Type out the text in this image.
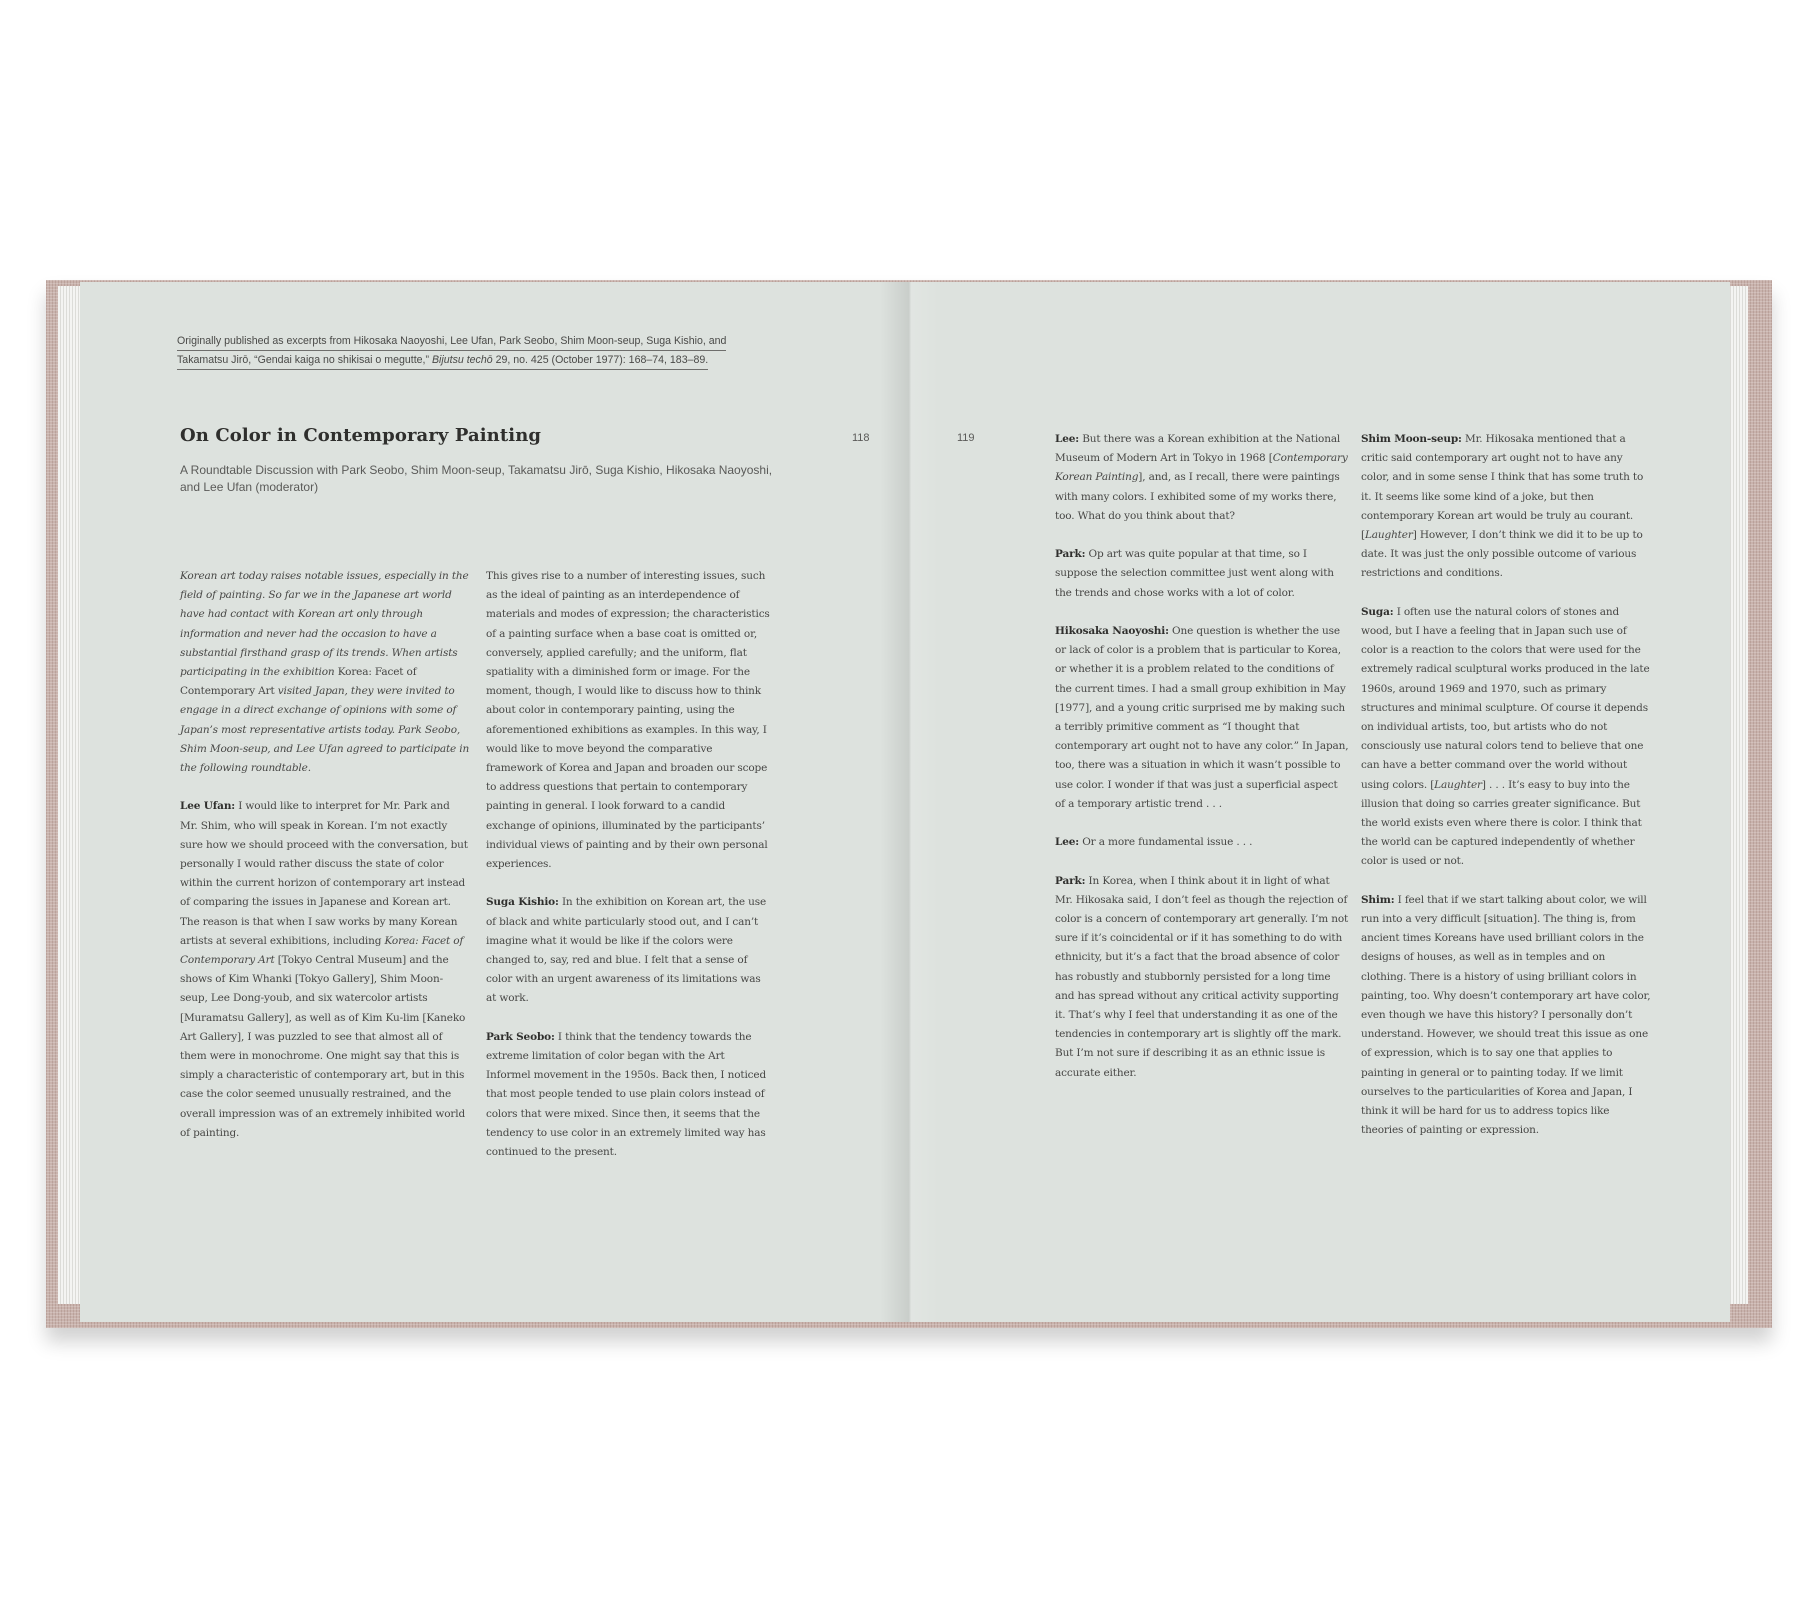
Originally published as excerpts from Hikosaka Naoyoshi, Lee Ufan, Park Seobo, Shim Moon-seup, Suga Kishio, and
Takamatsu Jirō, “Gendai kaiga no shikisai o megutte,” Bijutsu techō 29, no. 425 (October 1977): 168–74, 183–89.
On Color in Contemporary Painting

A Roundtable Discussion with Park Seobo, Shim Moon-seup, Takamatsu Jirō, Suga Kishio, Hikosaka Naoyoshi, and Lee Ufan (moderator)

118	119

Korean art today raises notable issues, especially in the field of painting. So far we in the Japanese art world have had contact with Korean art only through information and never had the occasion to have a substantial firsthand grasp of its trends. When artists participating in the exhibition Korea: Facet of Contemporary Art visited Japan, they were invited to engage in a direct exchange of opinions with some of Japan’s most representative artists today. Park Seobo, Shim Moon-seup, and Lee Ufan agreed to participate in the following roundtable.

Lee Ufan: I would like to interpret for Mr. Park and Mr. Shim, who will speak in Korean. I’m not exactly sure how we should proceed with the conversation, but personally I would rather discuss the state of color within the current horizon of contemporary art instead of comparing the issues in Japanese and Korean art. The reason is that when I saw works by many Korean artists at several exhibitions, including Korea: Facet of Contemporary Art [Tokyo Central Museum] and the shows of Kim Whanki [Tokyo Gallery], Shim Moon-seup, Lee Dong-youb, and six watercolor artists [Muramatsu Gallery], as well as of Kim Ku-lim [Kaneko Art Gallery], I was puzzled to see that almost all of them were in monochrome. One might say that this is simply a characteristic of contemporary art, but in this case the color seemed unusually restrained, and the overall impression was of an extremely inhibited world of painting.

This gives rise to a number of interesting issues, such as the ideal of painting as an interdependence of materials and modes of expression; the characteristics of a painting surface when a base coat is omitted or, conversely, applied carefully; and the uniform, flat spatiality with a diminished form or image. For the moment, though, I would like to discuss how to think about color in contemporary painting, using the aforementioned exhibitions as examples. In this way, I would like to move beyond the comparative framework of Korea and Japan and broaden our scope to address questions that pertain to contemporary painting in general. I look forward to a candid exchange of opinions, illuminated by the participants’ individual views of painting and by their own personal experiences.

Suga Kishio: In the exhibition on Korean art, the use of black and white particularly stood out, and I can’t imagine what it would be like if the colors were changed to, say, red and blue. I felt that a sense of color with an urgent awareness of its limitations was at work.

Park Seobo: I think that the tendency towards the extreme limitation of color began with the Art Informel movement in the 1950s. Back then, I noticed that most people tended to use plain colors instead of colors that were mixed. Since then, it seems that the tendency to use color in an extremely limited way has continued to the present.

Lee: But there was a Korean exhibition at the National Museum of Modern Art in Tokyo in 1968 [Contemporary Korean Painting], and, as I recall, there were paintings with many colors. I exhibited some of my works there, too. What do you think about that?

Park: Op art was quite popular at that time, so I suppose the selection committee just went along with the trends and chose works with a lot of color.

Hikosaka Naoyoshi: One question is whether the use or lack of color is a problem that is particular to Korea, or whether it is a problem related to the conditions of the current times. I had a small group exhibition in May [1977], and a young critic surprised me by making such a terribly primitive comment as “I thought that contemporary art ought not to have any color.” In Japan, too, there was a situation in which it wasn’t possible to use color. I wonder if that was just a superficial aspect of a temporary artistic trend . . .

Lee: Or a more fundamental issue . . .

Park: In Korea, when I think about it in light of what Mr. Hikosaka said, I don’t feel as though the rejection of color is a concern of contemporary art generally. I’m not sure if it’s coincidental or if it has something to do with ethnicity, but it’s a fact that the broad absence of color has robustly and stubbornly persisted for a long time and has spread without any critical activity supporting it. That’s why I feel that understanding it as one of the tendencies in contemporary art is slightly off the mark. But I’m not sure if describing it as an ethnic issue is accurate either.

Shim Moon-seup: Mr. Hikosaka mentioned that a critic said contemporary art ought not to have any color, and in some sense I think that has some truth to it. It seems like some kind of a joke, but then contemporary Korean art would be truly au courant. [Laughter] However, I don’t think we did it to be up to date. It was just the only possible outcome of various restrictions and conditions.

Suga: I often use the natural colors of stones and wood, but I have a feeling that in Japan such use of color is a reaction to the colors that were used for the extremely radical sculptural works produced in the late 1960s, around 1969 and 1970, such as primary structures and minimal sculpture. Of course it depends on individual artists, too, but artists who do not consciously use natural colors tend to believe that one can have a better command over the world without using colors. [Laughter] . . . It’s easy to buy into the illusion that doing so carries greater significance. But the world exists even where there is color. I think that the world can be captured independently of whether color is used or not.

Shim: I feel that if we start talking about color, we will run into a very difficult [situation]. The thing is, from ancient times Koreans have used brilliant colors in the designs of houses, as well as in temples and on clothing. There is a history of using brilliant colors in painting, too. Why doesn’t contemporary art have color, even though we have this history? I personally don’t understand. However, we should treat this issue as one of expression, which is to say one that applies to painting in general or to painting today. If we limit ourselves to the particularities of Korea and Japan, I think it will be hard for us to address topics like theories of painting or expression.
